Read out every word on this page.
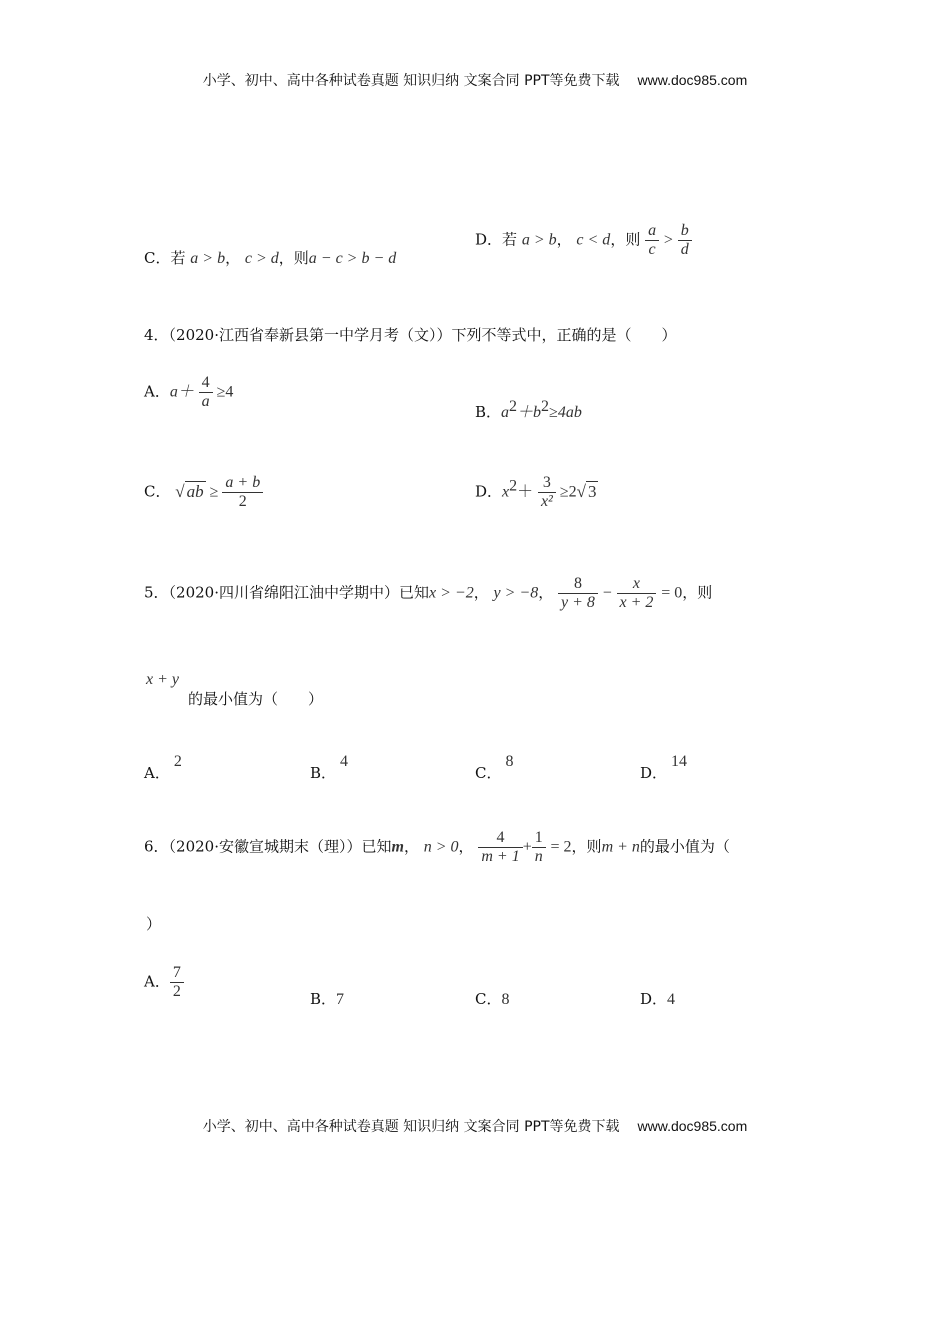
小学、初中、高中各种试卷真题 知识归纳 文案合同 PPT等免费下载 www.doc985.com
C．若 a > b， c > d，则a − c > b − d
D．若 a > b， c < d，则 $\frac{a}{c} > \frac{b}{d}$
4．（2020·江西省奉新县第一中学月考（文））下列不等式中，正确的是（　　）
A．$a+ \frac{4}{a} \ge 4$
B．$a^2+b^2\ge 4ab$
C． √ ab ≥ $\frac{a + b}{2}$	D．$x^2+ \frac{3}{\text{x²}} \ge 2√$ 3
5．（2020·四川省绵阳江油中学期中）已知x > −2， y > −8， $\frac{8}{y + 8} - \frac{x}{x + 2} = 0$，则
x + y
的最小值为（　　）
A．2
B．4
C．8
D．14
6．（2020·安徽宣城期末（理））已知m， n > 0， $\frac{4}{m + 1} + \frac{1}{n} = 2$，则m + n的最小值为（
）
A． $\frac{7}{2}$	B．7	C．8	D．4
小学、初中、高中各种试卷真题 知识归纳 文案合同 PPT等免费下载 www.doc985.com
